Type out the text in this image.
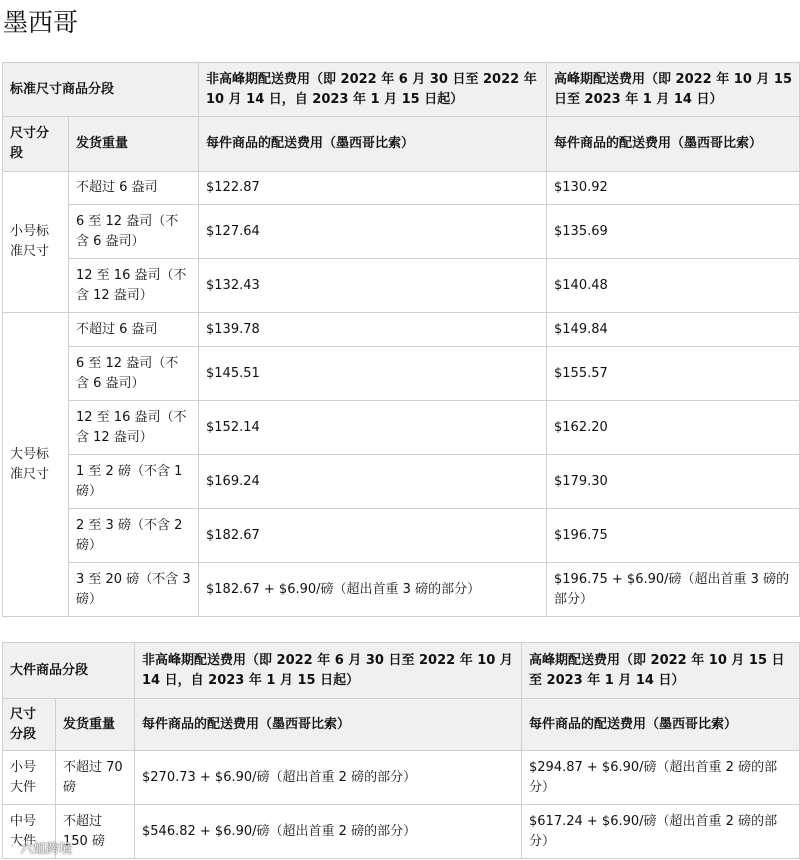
墨西哥
标准尺寸商品分段		非高峰期配送费用（即 2022 年 6 月 30 日至 2022 年 10 月 14 日，自 2023 年 1 月 15 日起）	高峰期配送费用（即 2022 年 10 月 15 日至 2023 年 1 月 14 日）
尺寸分段	发货重量	每件商品的配送费用（墨西哥比索）	每件商品的配送费用（墨西哥比索）
小号标准尺寸	不超过 6 盎司	$122.87	$130.92
	6 至 12 盎司（不含 6 盎司）	$127.64	$135.69
	12 至 16 盎司（不含 12 盎司）	$132.43	$140.48
大号标准尺寸	不超过 6 盎司	$139.78	$149.84
	6 至 12 盎司（不含 6 盎司）	$145.51	$155.57
	12 至 16 盎司（不含 12 盎司）	$152.14	$162.20
	1 至 2 磅（不含 1 磅）	$169.24	$179.30
	2 至 3 磅（不含 2 磅）	$182.67	$196.75
	3 至 20 磅（不含 3 磅）	$182.67 + $6.90/磅（超出首重 3 磅的部分）	$196.75 + $6.90/磅（超出首重 3 磅的部分）
大件商品分段		非高峰期配送费用（即 2022 年 6 月 30 日至 2022 年 10 月 14 日，自 2023 年 1 月 15 日起）	高峰期配送费用（即 2022 年 10 月 15 日至 2023 年 1 月 14 日）
尺寸分段	发货重量	每件商品的配送费用（墨西哥比索）	每件商品的配送费用（墨西哥比索）
小号大件	不超过 70 磅	$270.73 + $6.90/磅（超出首重 2 磅的部分）	$294.87 + $6.90/磅（超出首重 2 磅的部分）
中号大件	不超过 150 磅	$546.82 + $6.90/磅（超出首重 2 磅的部分）	$617.24 + $6.90/磅（超出首重 2 磅的部分）
六姐跨境
